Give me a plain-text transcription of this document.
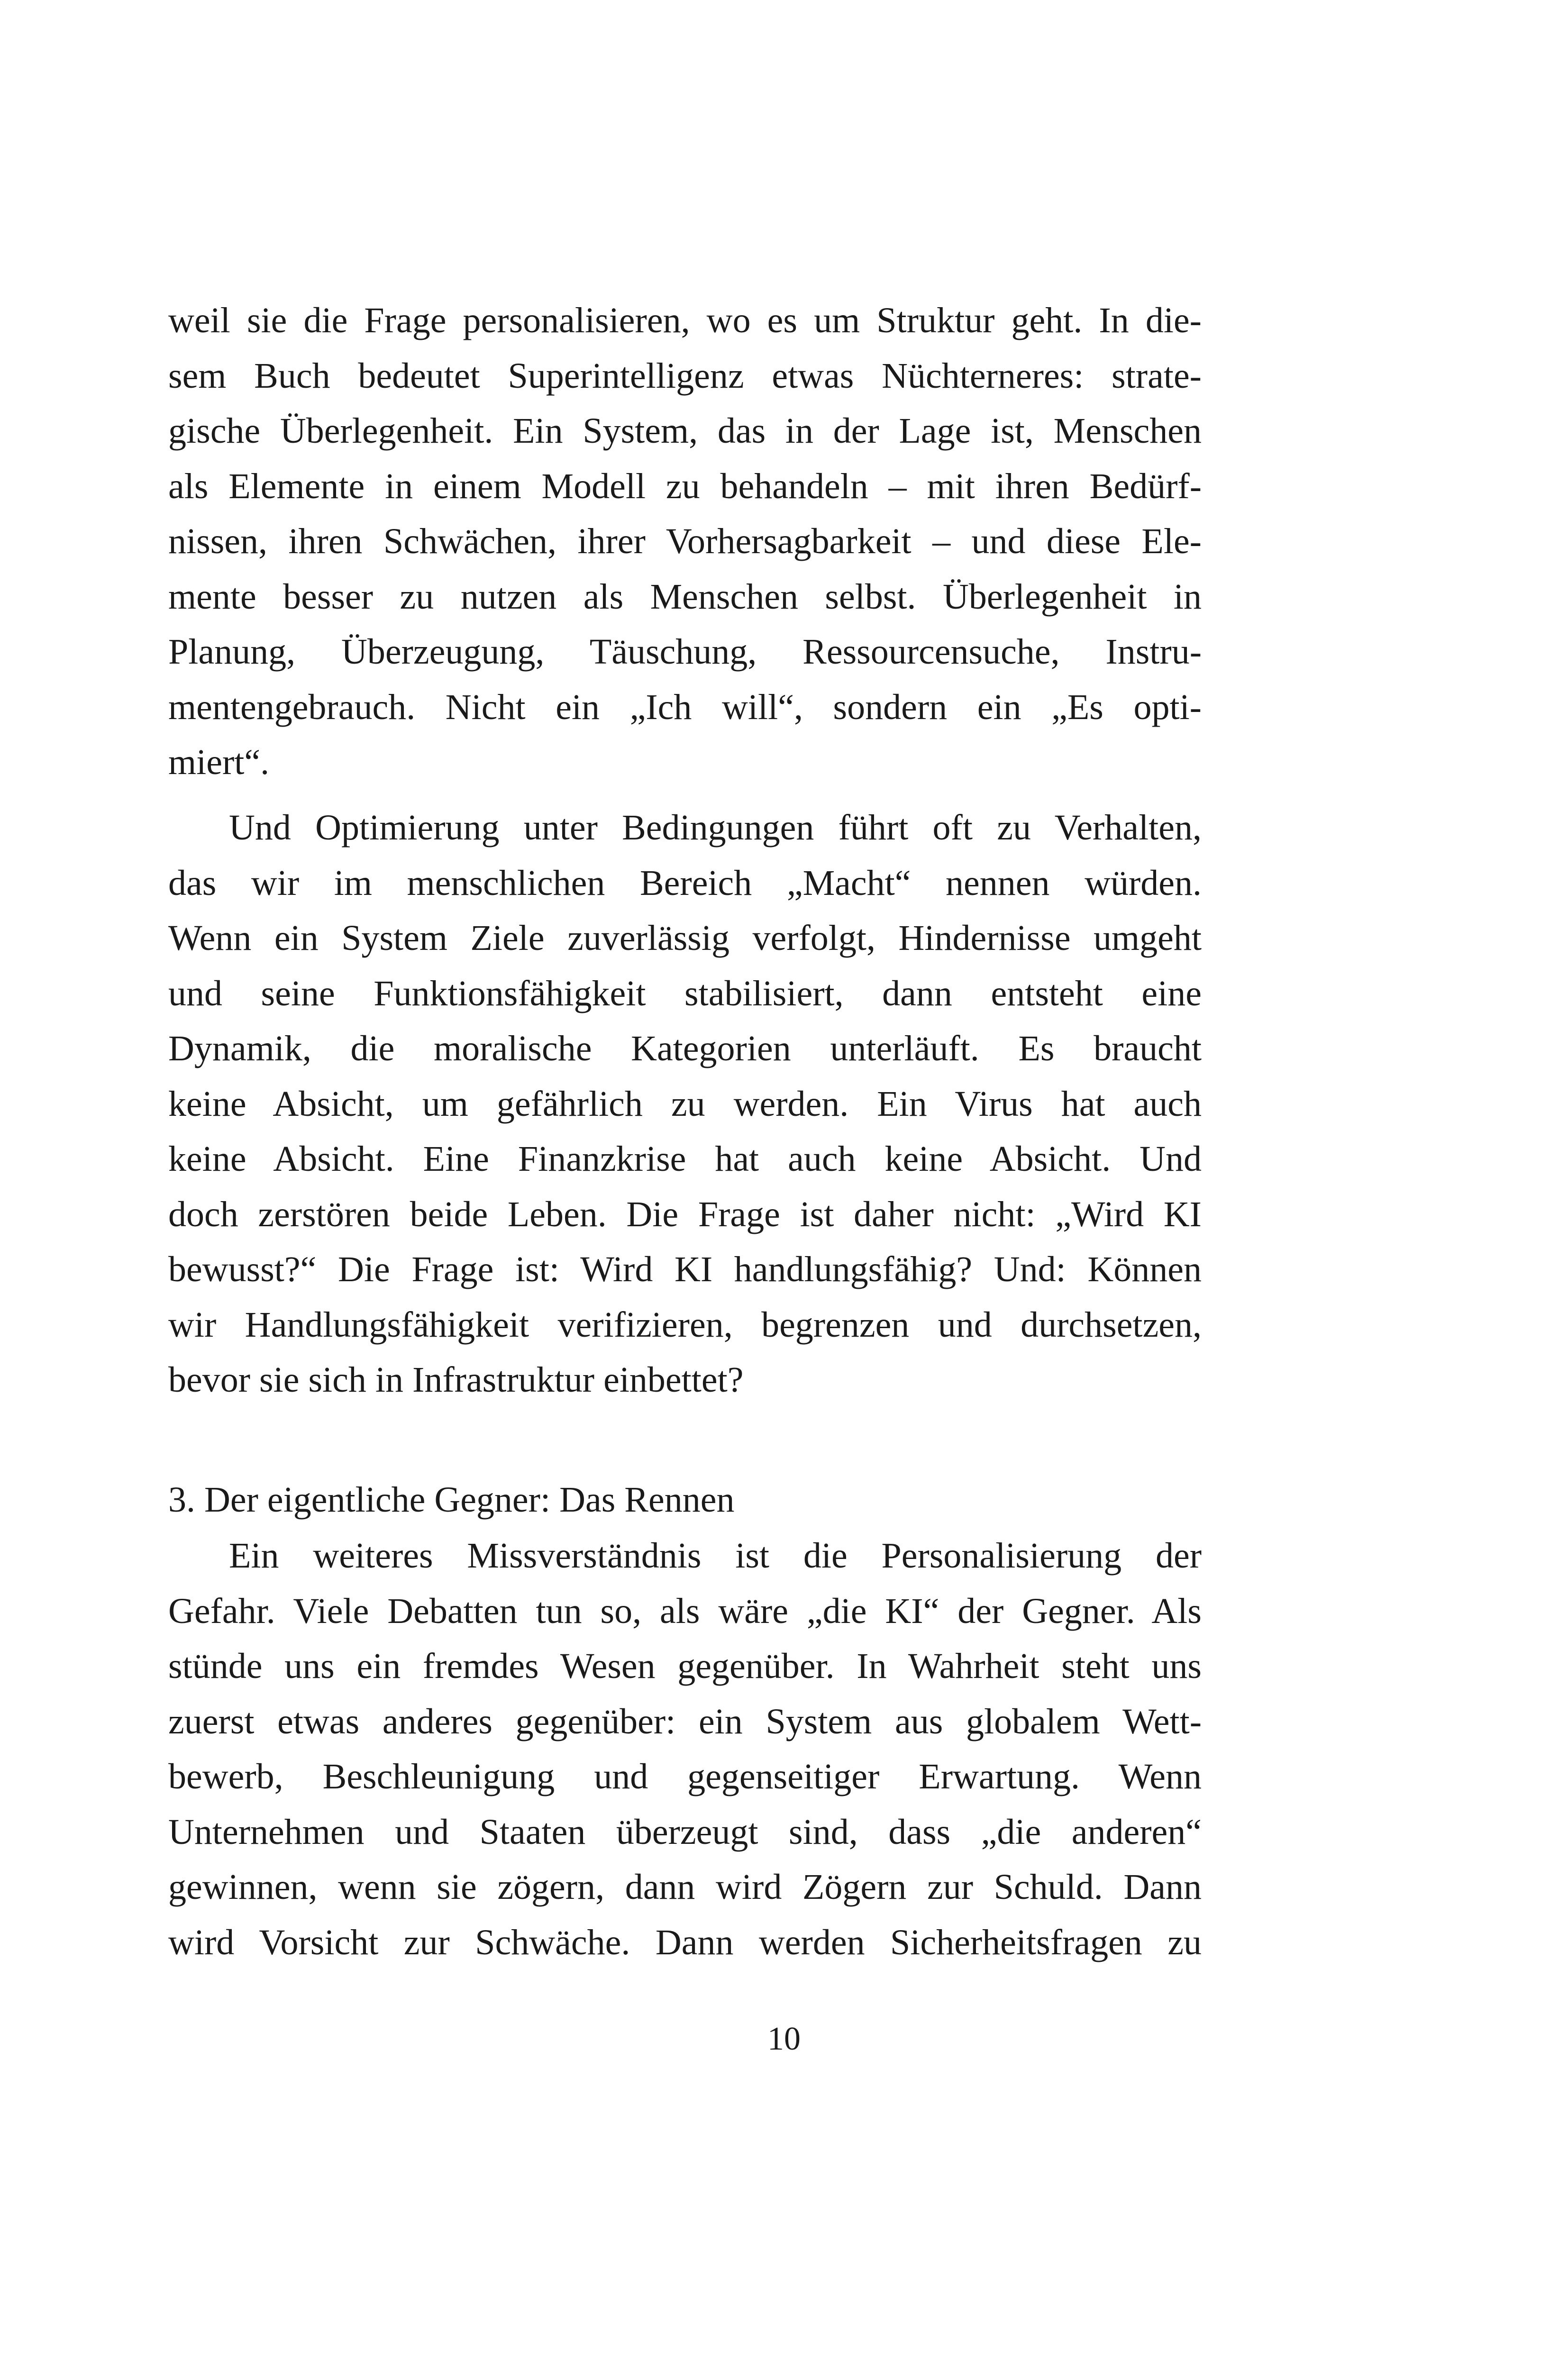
weil sie die Frage personalisieren, wo es um Struktur geht. In die-
sem Buch bedeutet Superintelligenz etwas Nüchterneres: strate-
gische Überlegenheit. Ein System, das in der Lage ist, Menschen
als Elemente in einem Modell zu behandeln – mit ihren Bedürf-
nissen, ihren Schwächen, ihrer Vorhersagbarkeit – und diese Ele-
mente besser zu nutzen als Menschen selbst. Überlegenheit in
Planung, Überzeugung, Täuschung, Ressourcensuche, Instru-
mentengebrauch. Nicht ein „Ich will“, sondern ein „Es opti-
miert“.
Und Optimierung unter Bedingungen führt oft zu Verhalten,
das wir im menschlichen Bereich „Macht“ nennen würden.
Wenn ein System Ziele zuverlässig verfolgt, Hindernisse umgeht
und seine Funktionsfähigkeit stabilisiert, dann entsteht eine
Dynamik, die moralische Kategorien unterläuft. Es braucht
keine Absicht, um gefährlich zu werden. Ein Virus hat auch
keine Absicht. Eine Finanzkrise hat auch keine Absicht. Und
doch zerstören beide Leben. Die Frage ist daher nicht: „Wird KI
bewusst?“ Die Frage ist: Wird KI handlungsfähig? Und: Können
wir Handlungsfähigkeit verifizieren, begrenzen und durchsetzen,
bevor sie sich in Infrastruktur einbettet?
3. Der eigentliche Gegner: Das Rennen
Ein weiteres Missverständnis ist die Personalisierung der
Gefahr. Viele Debatten tun so, als wäre „die KI“ der Gegner. Als
stünde uns ein fremdes Wesen gegenüber. In Wahrheit steht uns
zuerst etwas anderes gegenüber: ein System aus globalem Wett-
bewerb, Beschleunigung und gegenseitiger Erwartung. Wenn
Unternehmen und Staaten überzeugt sind, dass „die anderen“
gewinnen, wenn sie zögern, dann wird Zögern zur Schuld. Dann
wird Vorsicht zur Schwäche. Dann werden Sicherheitsfragen zu
10
